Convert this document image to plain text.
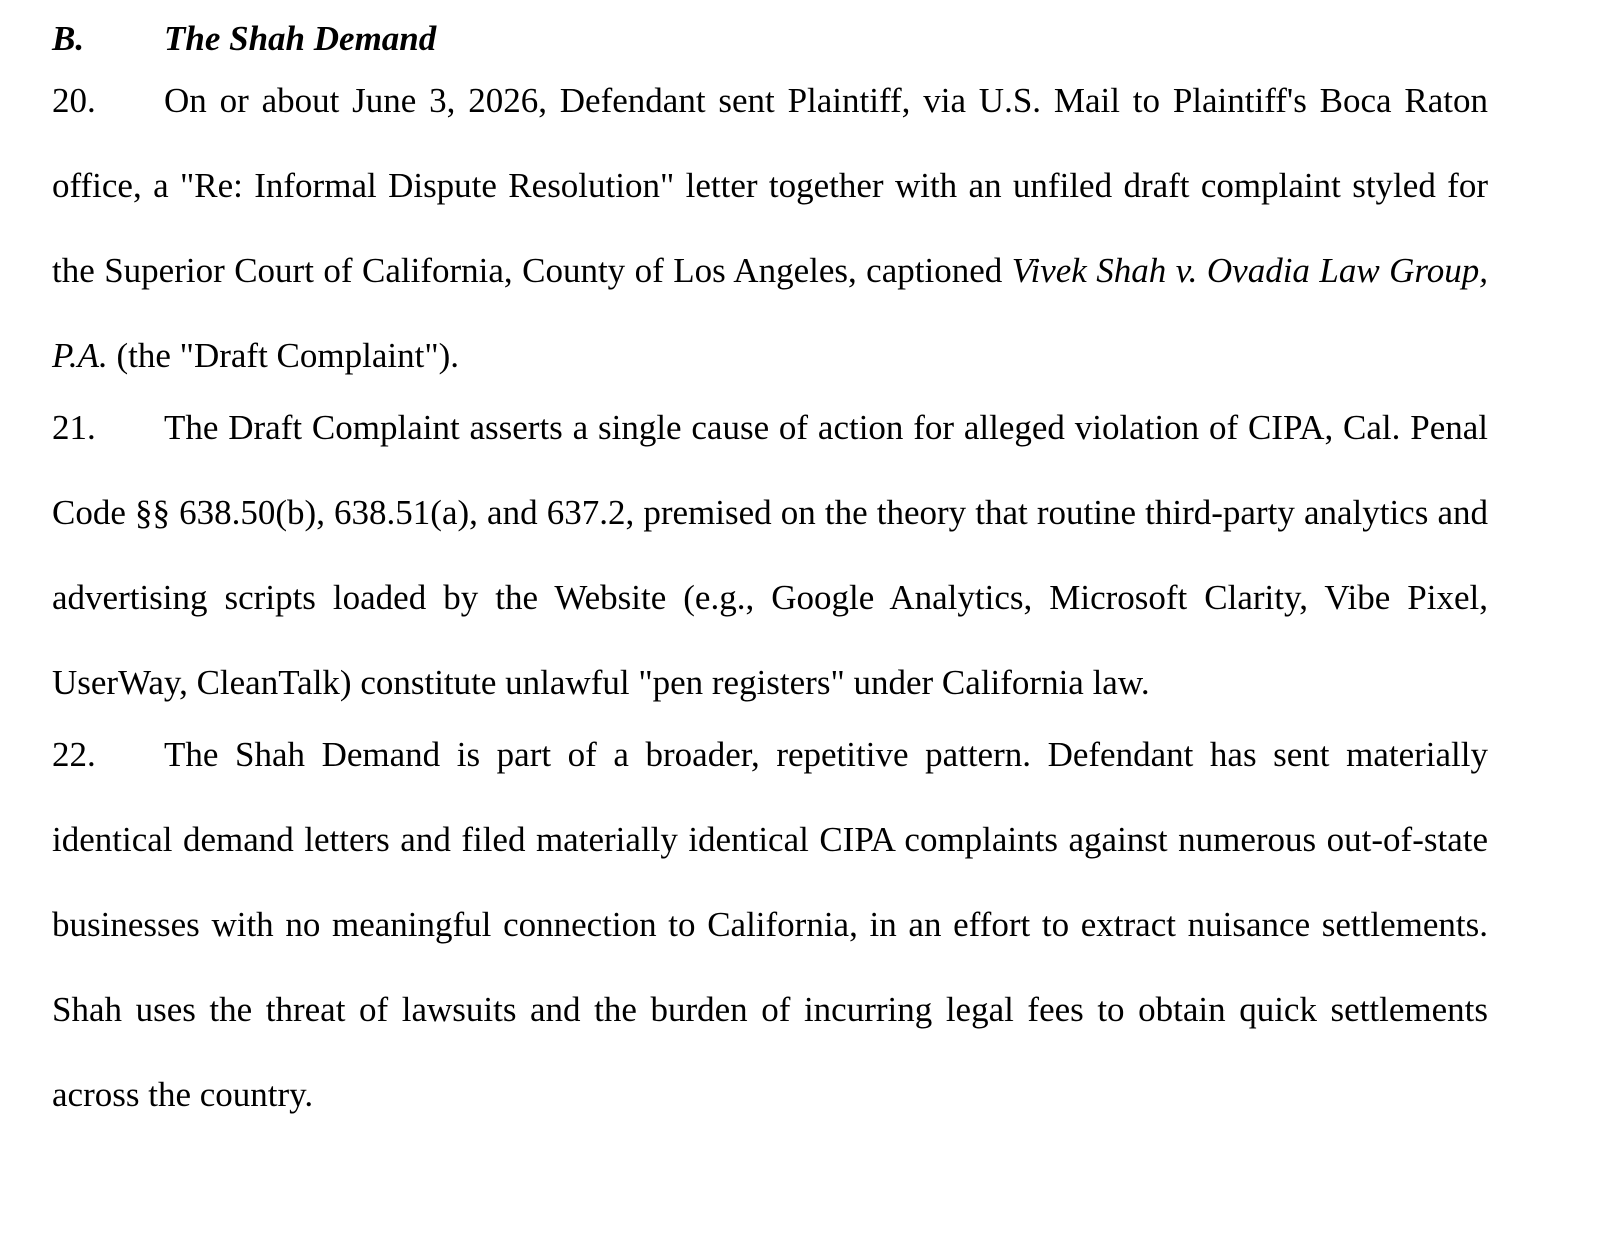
B. The Shah Demand

20. On or about June 3, 2026, Defendant sent Plaintiff, via U.S. Mail to Plaintiff's Boca Raton office, a "Re: Informal Dispute Resolution" letter together with an unfiled draft complaint styled for the Superior Court of California, County of Los Angeles, captioned Vivek Shah v. Ovadia Law Group, P.A. (the "Draft Complaint").

21. The Draft Complaint asserts a single cause of action for alleged violation of CIPA, Cal. Penal Code §§ 638.50(b), 638.51(a), and 637.2, premised on the theory that routine third-party analytics and advertising scripts loaded by the Website (e.g., Google Analytics, Microsoft Clarity, Vibe Pixel, UserWay, CleanTalk) constitute unlawful "pen registers" under California law.

22. The Shah Demand is part of a broader, repetitive pattern. Defendant has sent materially identical demand letters and filed materially identical CIPA complaints against numerous out-of-state businesses with no meaningful connection to California, in an effort to extract nuisance settlements. Shah uses the threat of lawsuits and the burden of incurring legal fees to obtain quick settlements across the country.
